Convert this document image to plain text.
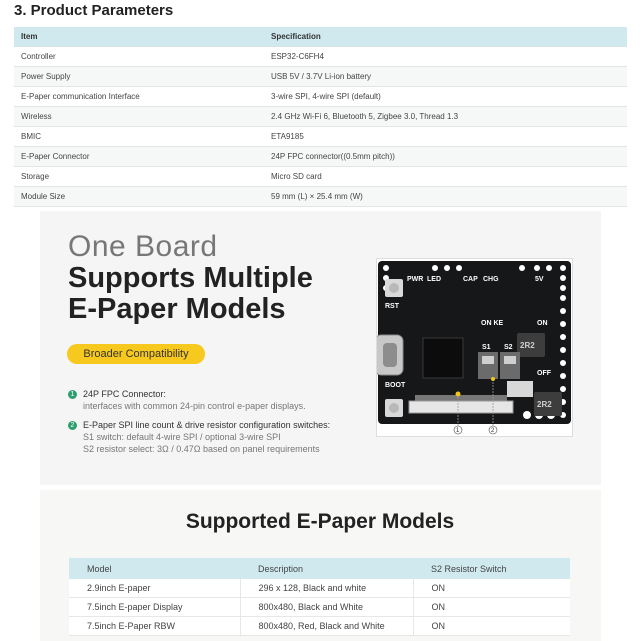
3. Product Parameters
Item	Specification
Controller	ESP32-C6FH4
Power Supply	USB 5V / 3.7V Li-ion battery
E-Paper communication Interface	3-wire SPI, 4-wire SPI (default)
Wireless	2.4 GHz Wi-Fi 6, Bluetooth 5, Zigbee 3.0, Thread 1.3
BMIC	ETA9185
E-Paper Connector	24P FPC connector((0.5mm pitch))
Storage	Micro SD card
Module Size	59 mm (L) × 25.4 mm (W)
One Board
Supports Multiple
E-Paper Models
Broader Compatibility
1 24P FPC Connector:
interfaces with common 24-pin control e-paper displays.
2 E-Paper SPI line count & drive resistor configuration switches:
S1 switch: default 4-wire SPI / optional 3-wire SPI
S2 resistor select: 3Ω / 0.47Ω based on panel requirements
RST
BOOT
PWR LED	CAP CHG
S1 S2
5V
ON
OFF
ON KE
2R2
2R2
1	2
Supported E-Paper Models
Model	Description	S2 Resistor Switch
2.9inch E-paper	296 x 128, Black and white	ON
7.5inch E-paper Display	800x480, Black and White	ON
7.5inch E-Paper RBW	800x480, Red, Black and White	ON
